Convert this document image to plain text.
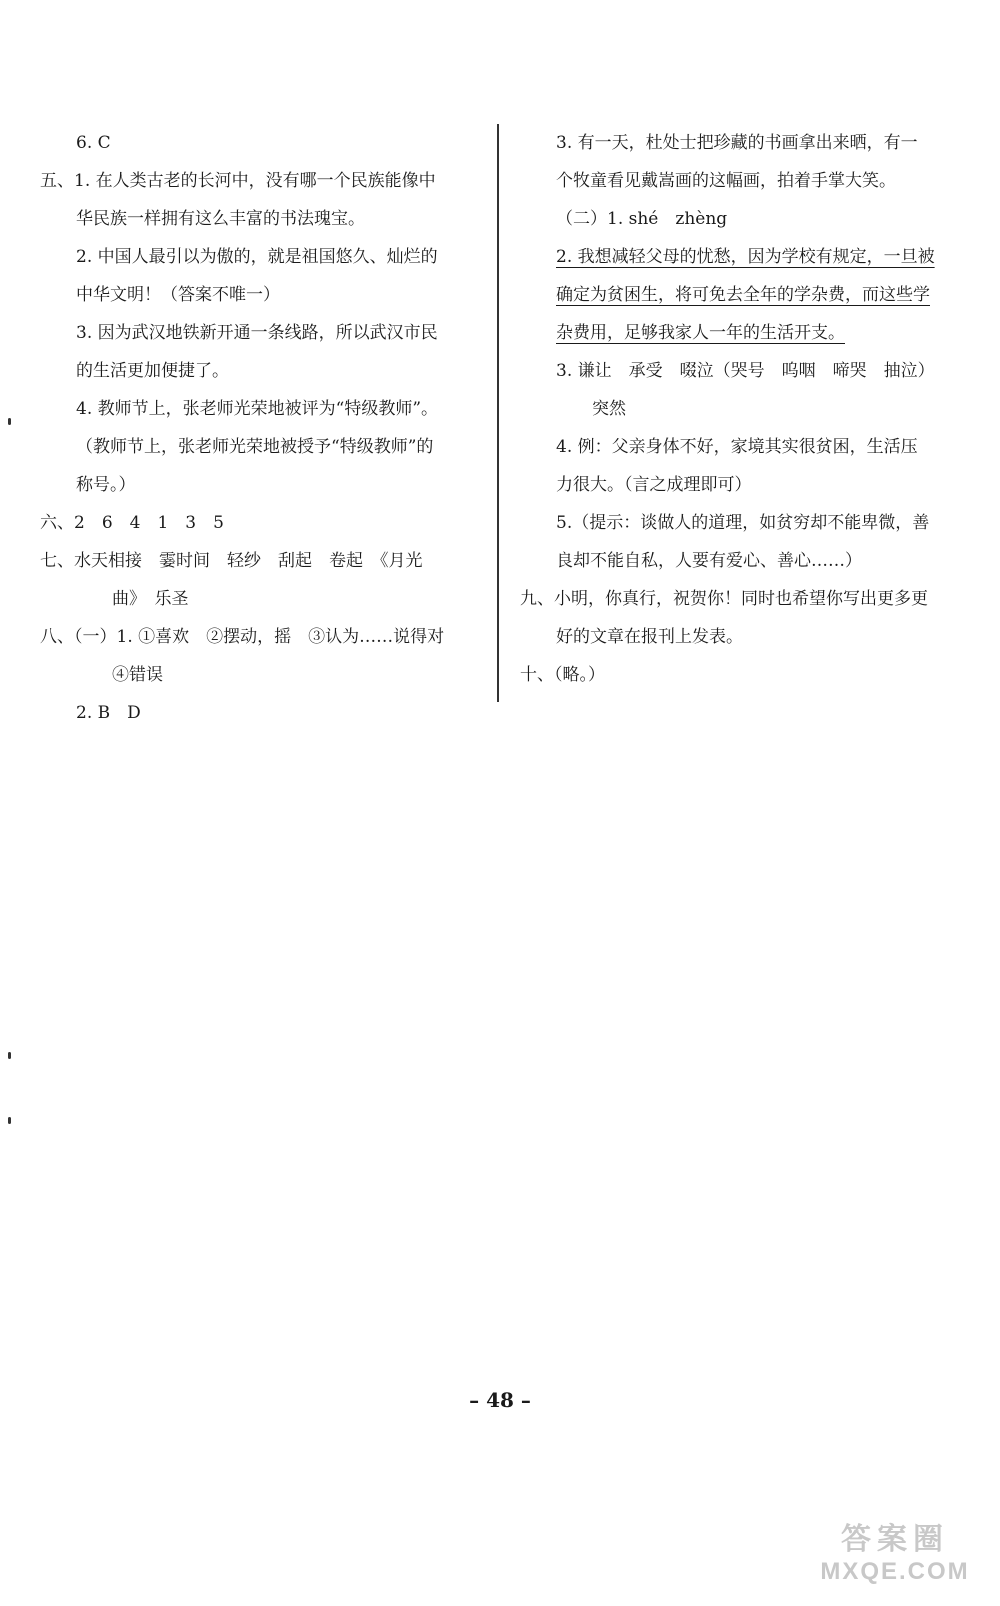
6. C
五、1. 在人类古老的长河中，没有哪一个民族能像中
华民族一样拥有这么丰富的书法瑰宝。
2. 中国人最引以为傲的，就是祖国悠久、灿烂的
中华文明！（答案不唯一）
3. 因为武汉地铁新开通一条线路，所以武汉市民
的生活更加便捷了。
4. 教师节上，张老师光荣地被评为“特级教师”。
（教师节上，张老师光荣地被授予“特级教师”的
称号。）
六、2　6　4　1　3　5
七、水天相接　霎时间　轻纱　刮起　卷起　《月光
曲》　乐圣
八、（一）1. ①喜欢　②摆动，摇　③认为……说得对
④错误
2. B　D
3. 有一天，杜处士把珍藏的书画拿出来晒，有一
个牧童看见戴嵩画的这幅画，拍着手掌大笑。
（二）1. shé　zhèng
2. 我想减轻父母的忧愁，因为学校有规定，一旦被
确定为贫困生，将可免去全年的学杂费，而这些学
杂费用，足够我家人一年的生活开支。
3. 谦让　承受　啜泣（哭号　呜咽　啼哭　抽泣）
突然
4. 例：父亲身体不好，家境其实很贫困，生活压
力很大。（言之成理即可）
5.（提示：谈做人的道理，如贫穷却不能卑微，善
良却不能自私，人要有爱心、善心……）
九、小明，你真行，祝贺你！同时也希望你写出更多更
好的文章在报刊上发表。
十、（略。）
– 48 –
答案圈
MXQE.COM
